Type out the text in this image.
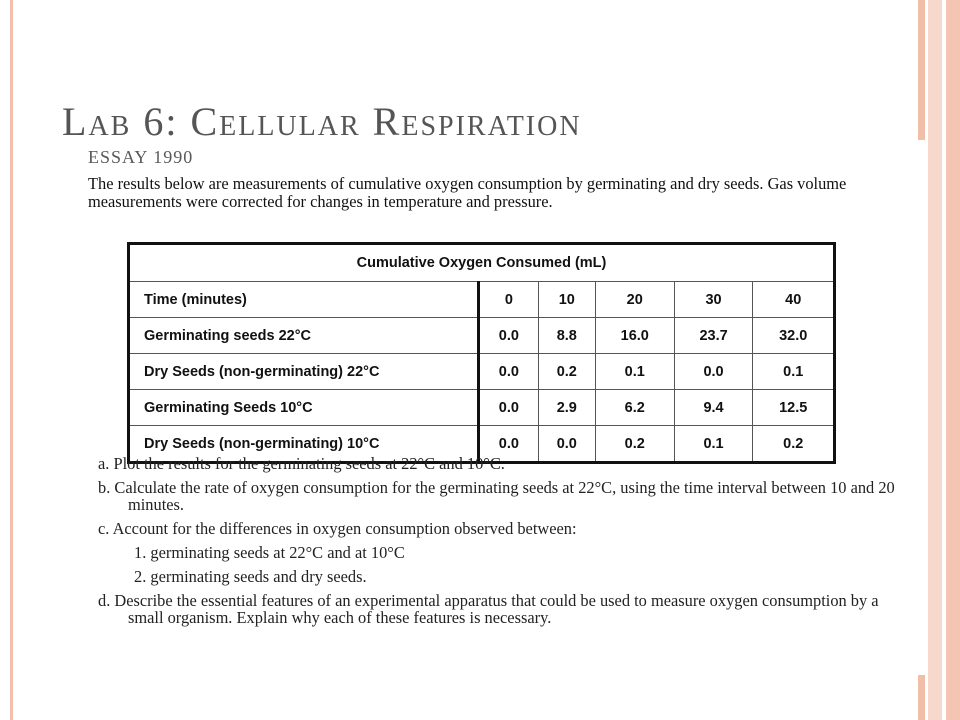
Lab 6: Cellular Respiration
ESSAY 1990
The results below are measurements of cumulative oxygen consumption by germinating and dry seeds. Gas volume measurements were corrected for changes in temperature and pressure.
Cumulative Oxygen Consumed (mL)					
Time (minutes)	0	10	20	30	40
Germinating seeds 22°C	0.0	8.8	16.0	23.7	32.0
Dry Seeds (non-germinating) 22°C	0.0	0.2	0.1	0.0	0.1
Germinating Seeds 10°C	0.0	2.9	6.2	9.4	12.5
Dry Seeds (non-germinating) 10°C	0.0	0.0	0.2	0.1	0.2
a. Plot the results for the germinating seeds at 22°C and 10°C.
b. Calculate the rate of oxygen consumption for the germinating seeds at 22°C, using the time interval between 10 and 20 minutes.
c. Account for the differences in oxygen consumption observed between:
1. germinating seeds at 22°C and at 10°C
2. germinating seeds and dry seeds.
d. Describe the essential features of an experimental apparatus that could be used to measure oxygen consumption by a small organism. Explain why each of these features is necessary.
